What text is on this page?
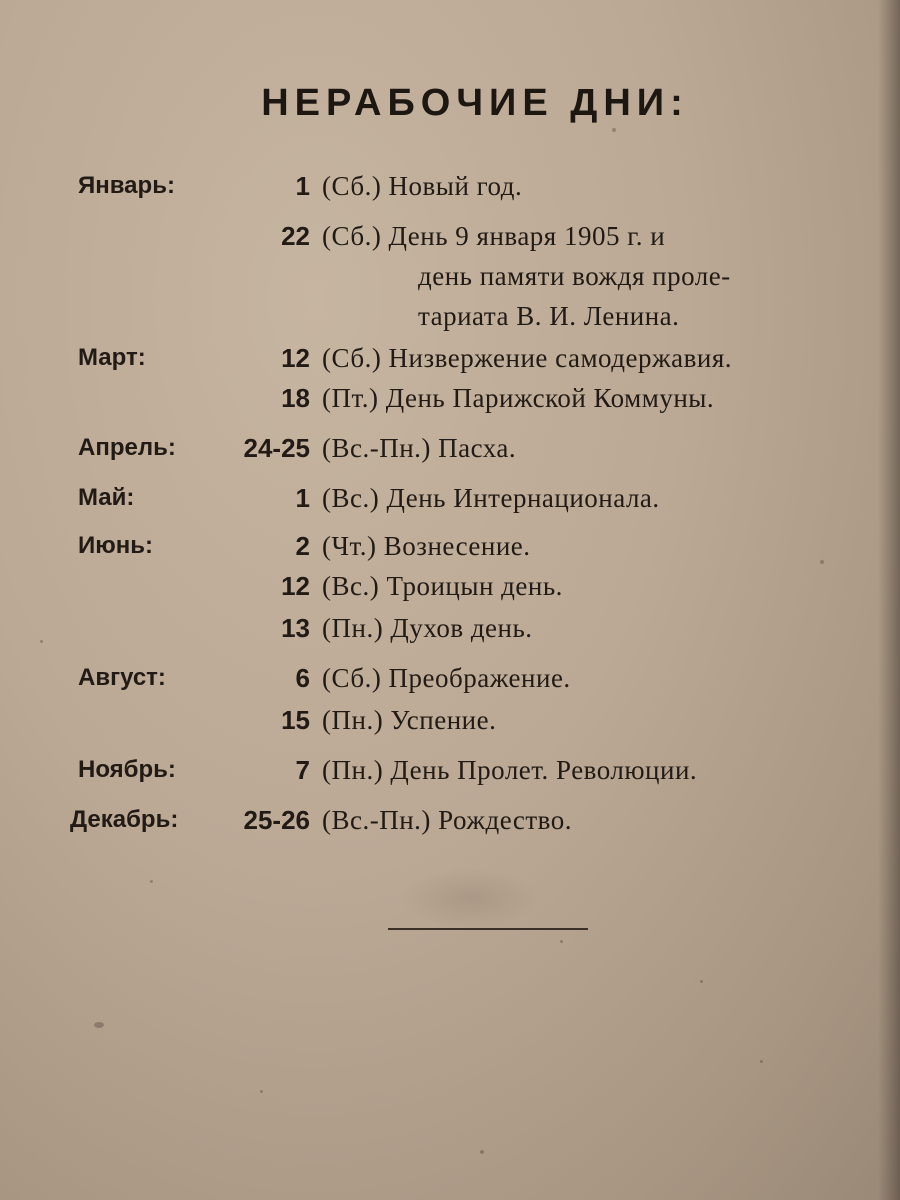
НЕРАБОЧИЕ ДНИ:
Январь:	1 (Сб.) Новый год.
22 (Сб.) День 9 января 1905 г. и
день памяти вождя проле-
тариата В. И. Ленина.
Март:	12 (Сб.) Низвержение самодержавия.
18 (Пт.) День Парижской Коммуны.
Апрель:	24-25 (Вс.-Пн.) Пасха.
Май:	1 (Вс.) День Интернационала.
Июнь:	2 (Чт.) Вознесение.
12 (Вс.) Троицын день.
13 (Пн.) Духов день.
Август:	6 (Сб.) Преображение.
15 (Пн.) Успение.
Ноябрь:	7 (Пн.) День Пролет. Революции.
Декабрь:	25-26 (Вс.-Пн.) Рождество.
